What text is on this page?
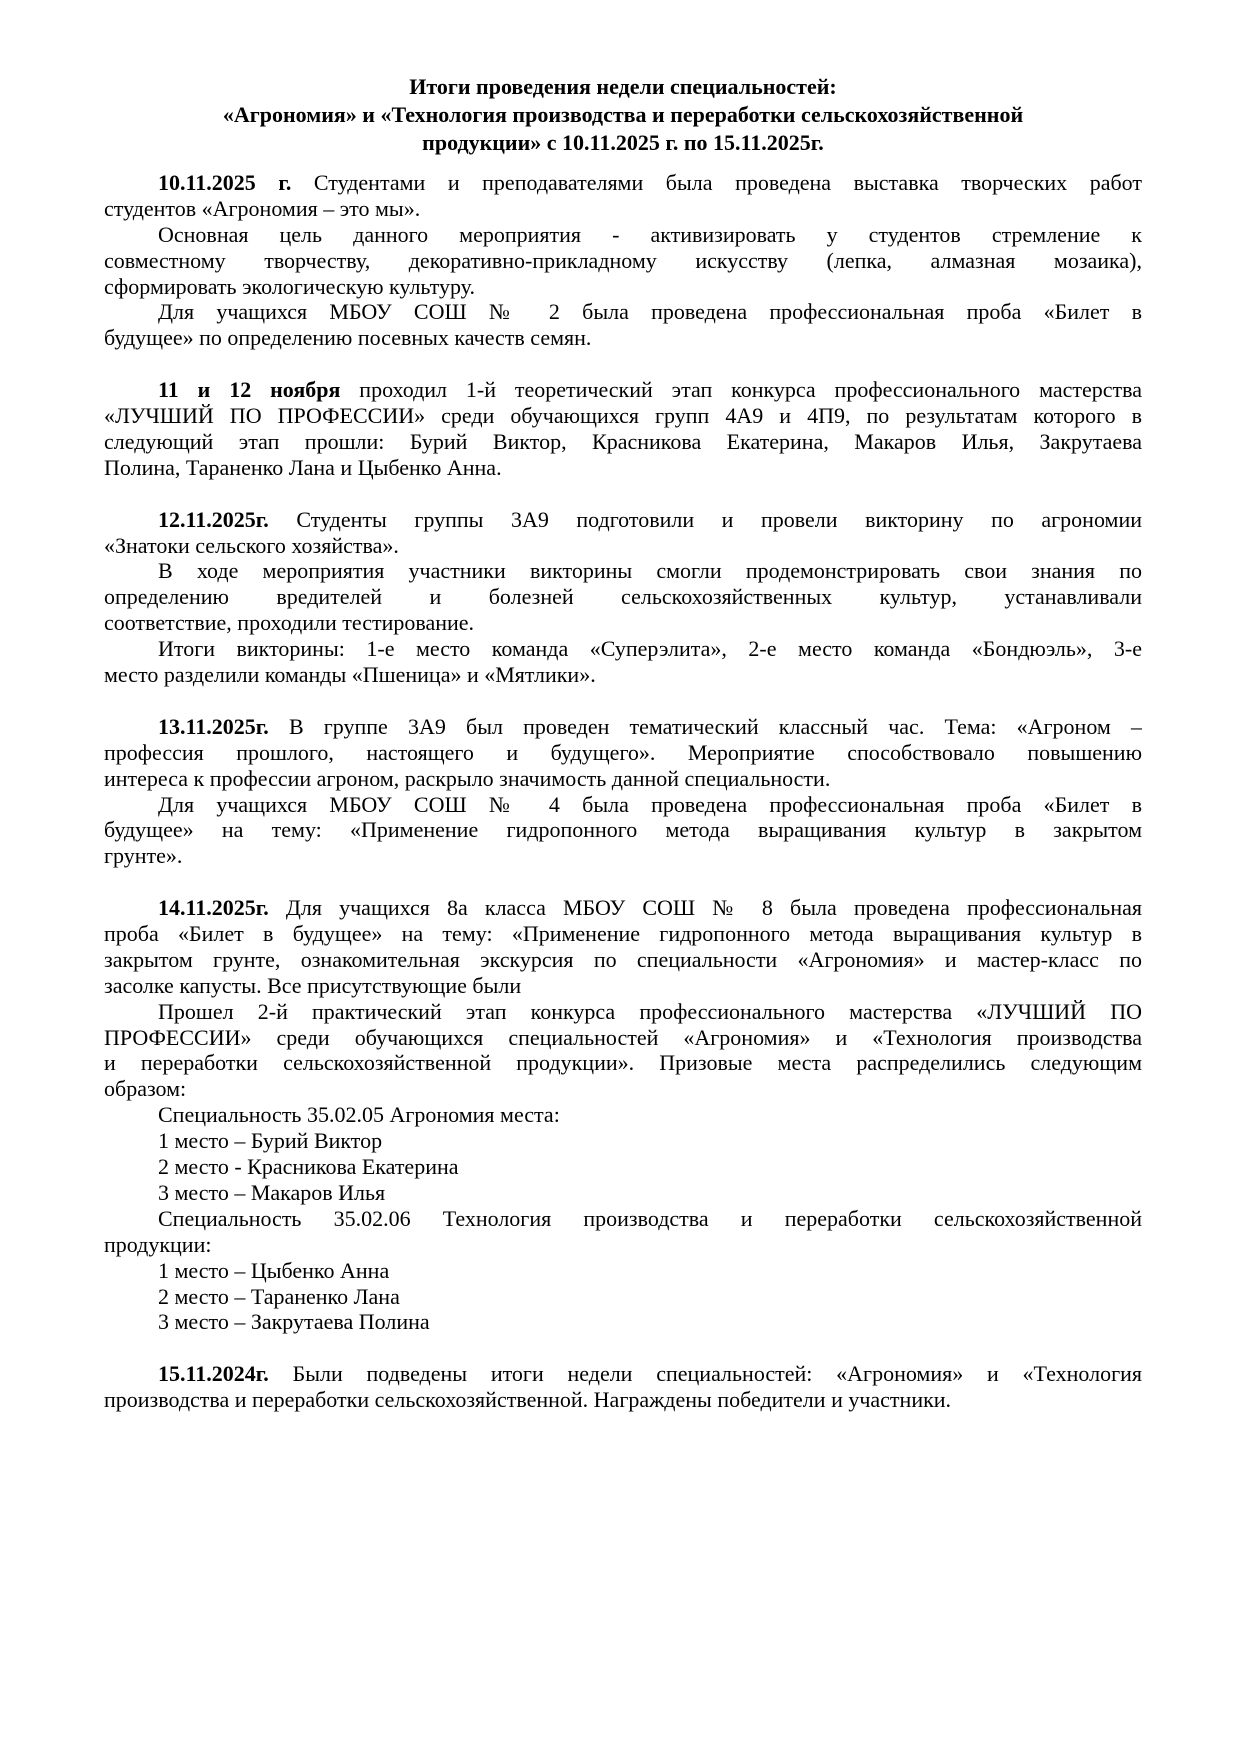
Итоги проведения недели специальностей:
«Агрономия» и «Технология производства и переработки сельскохозяйственной
продукции» с 10.11.2025 г. по 15.11.2025г.
10.11.2025 г. Студентами и преподавателями была проведена выставка творческих работ
студентов «Агрономия – это мы».
Основная цель данного мероприятия - активизировать у студентов стремление к
совместному творчеству, декоративно-прикладному искусству (лепка, алмазная мозаика),
сформировать экологическую культуру.
Для учащихся МБОУ СОШ № 2 была проведена профессиональная проба «Билет в
будущее» по определению посевных качеств семян.
11 и 12 ноября проходил 1-й теоретический этап конкурса профессионального мастерства
«ЛУЧШИЙ ПО ПРОФЕССИИ» среди обучающихся групп 4А9 и 4П9, по результатам которого в
следующий этап прошли: Бурий Виктор, Красникова Екатерина, Макаров Илья, Закрутаева
Полина, Тараненко Лана и Цыбенко Анна.
12.11.2025г. Студенты группы 3А9 подготовили и провели викторину по агрономии
«Знатоки сельского хозяйства».
В ходе мероприятия участники викторины смогли продемонстрировать свои знания по
определению вредителей и болезней сельскохозяйственных культур, устанавливали
соответствие, проходили тестирование.
Итоги викторины: 1-е место команда «Суперэлита», 2-е место команда «Бондюэль», 3-е
место разделили команды «Пшеница» и «Мятлики».
13.11.2025г. В группе 3А9 был проведен тематический классный час. Тема: «Агроном –
профессия прошлого, настоящего и будущего». Мероприятие способствовало повышению
интереса к профессии агроном, раскрыло значимость данной специальности.
Для учащихся МБОУ СОШ № 4 была проведена профессиональная проба «Билет в
будущее» на тему: «Применение гидропонного метода выращивания культур в закрытом
грунте».
14.11.2025г. Для учащихся 8а класса МБОУ СОШ № 8 была проведена профессиональная
проба «Билет в будущее» на тему: «Применение гидропонного метода выращивания культур в
закрытом грунте, ознакомительная экскурсия по специальности «Агрономия» и мастер-класс по
засолке капусты. Все присутствующие были
Прошел 2-й практический этап конкурса профессионального мастерства «ЛУЧШИЙ ПО
ПРОФЕССИИ» среди обучающихся специальностей «Агрономия» и «Технология производства
и переработки сельскохозяйственной продукции». Призовые места распределились следующим
образом:
Специальность 35.02.05 Агрономия места:
1 место – Бурий Виктор
2 место - Красникова Екатерина
3 место – Макаров Илья
Специальность 35.02.06 Технология производства и переработки сельскохозяйственной
продукции:
1 место – Цыбенко Анна
2 место – Тараненко Лана
3 место – Закрутаева Полина
15.11.2024г. Были подведены итоги недели специальностей: «Агрономия» и «Технология
производства и переработки сельскохозяйственной. Награждены победители и участники.
